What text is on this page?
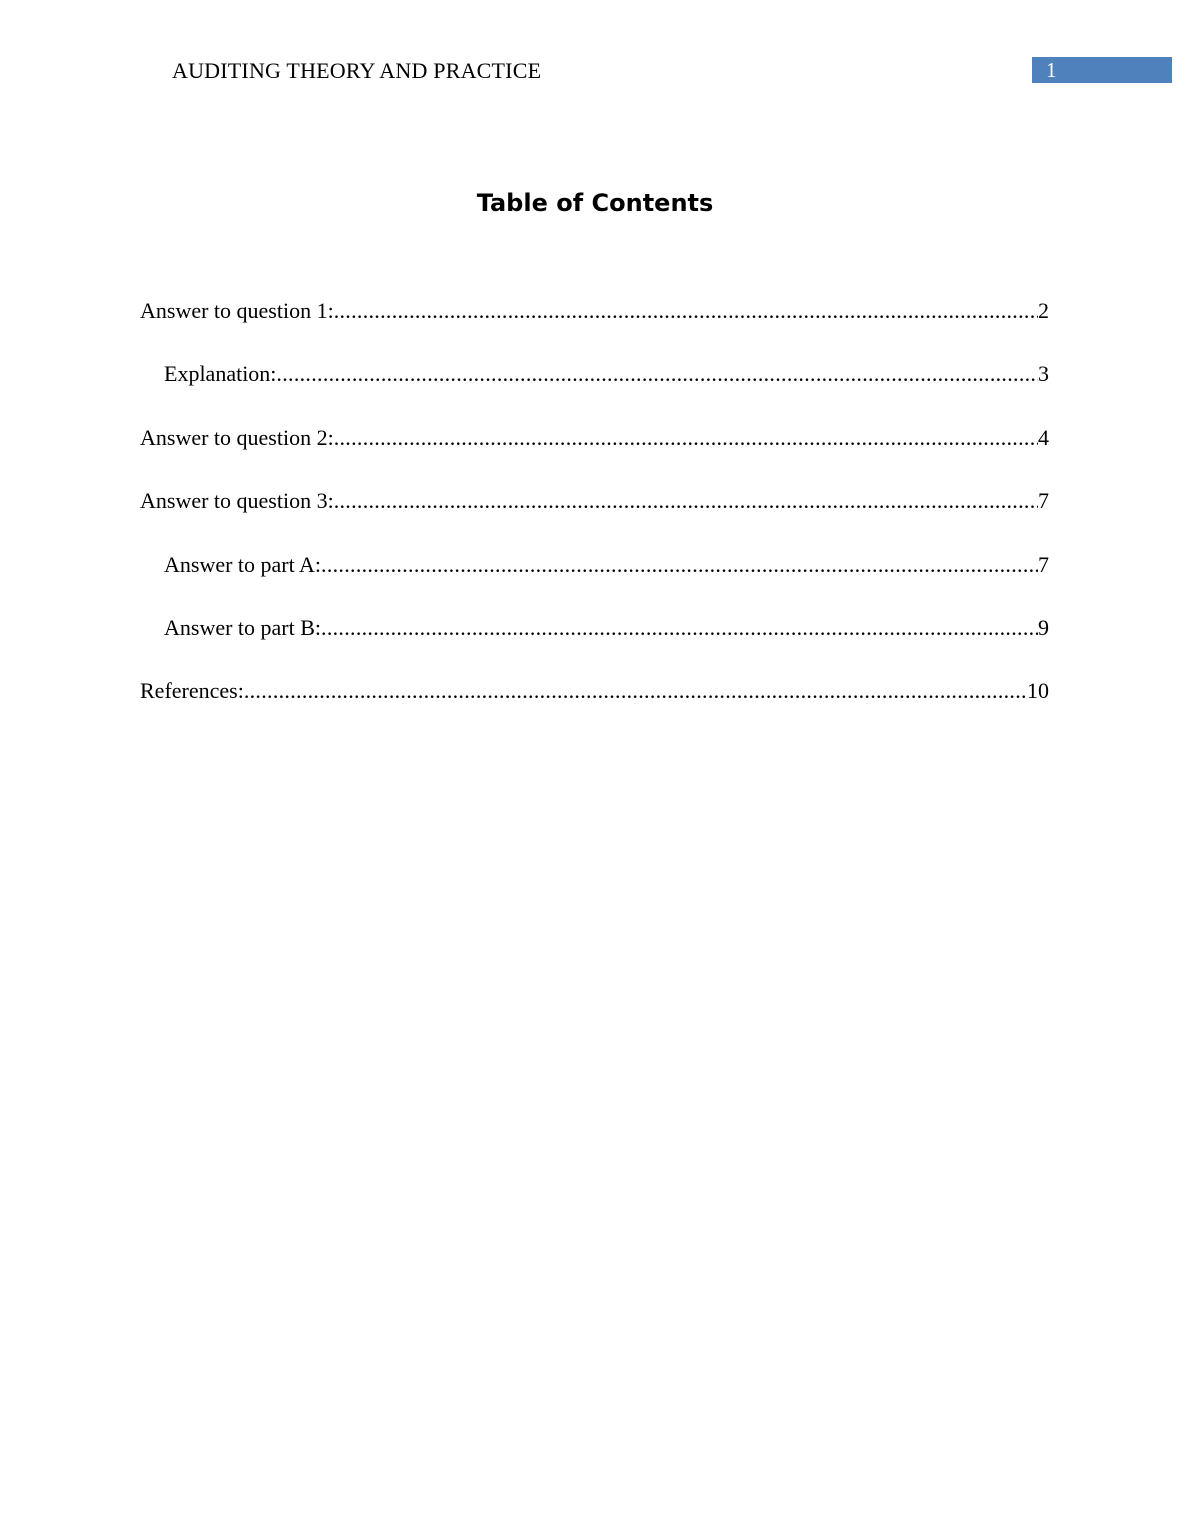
AUDITING THEORY AND PRACTICE	1
Table of Contents
Answer to question 1: .....	2
Explanation: .....	3
Answer to question 2: .....	4
Answer to question 3: .....	7
Answer to part A: .....	7
Answer to part B: .....	9
References: .....	10
